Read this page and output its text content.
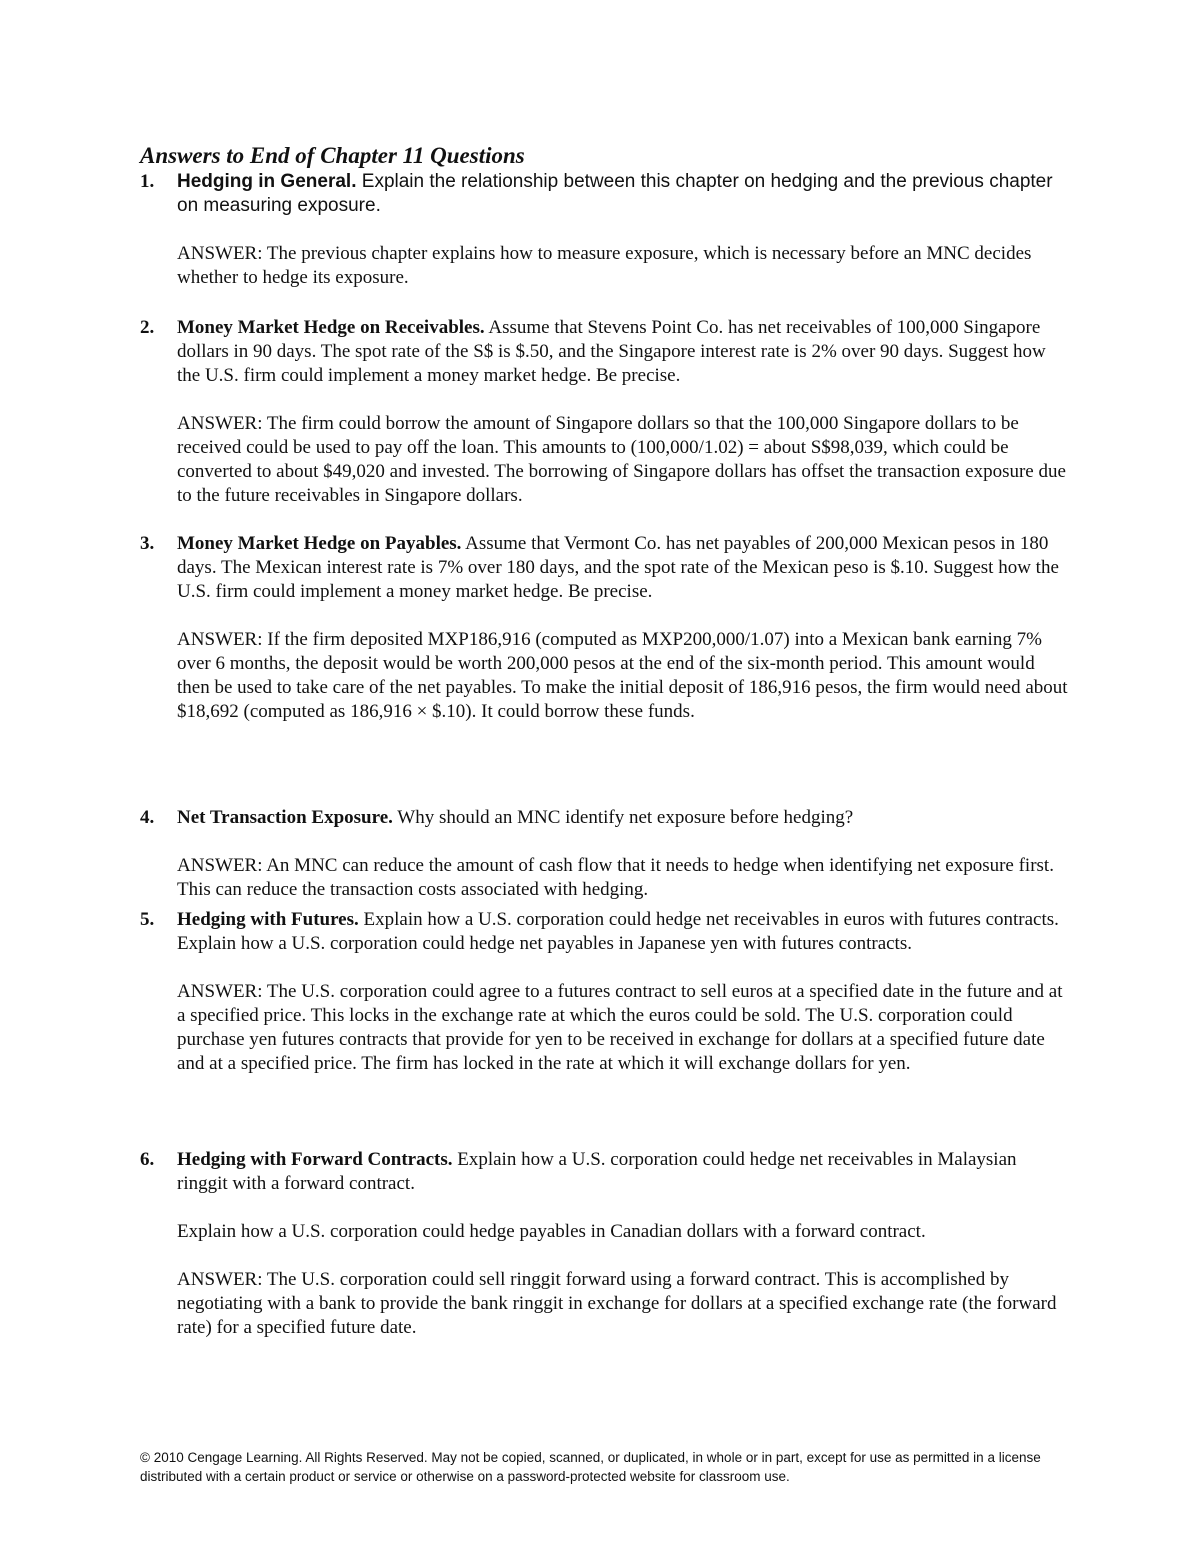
Answers to End of Chapter 11 Questions
1. Hedging in General. Explain the relationship between this chapter on hedging and the previous chapter on measuring exposure.

ANSWER: The previous chapter explains how to measure exposure, which is necessary before an MNC decides whether to hedge its exposure.

2. Money Market Hedge on Receivables. Assume that Stevens Point Co. has net receivables of 100,000 Singapore dollars in 90 days. The spot rate of the S$ is $.50, and the Singapore interest rate is 2% over 90 days. Suggest how the U.S. firm could implement a money market hedge. Be precise.

ANSWER: The firm could borrow the amount of Singapore dollars so that the 100,000 Singapore dollars to be received could be used to pay off the loan. This amounts to (100,000/1.02) = about S$98,039, which could be converted to about $49,020 and invested. The borrowing of Singapore dollars has offset the transaction exposure due to the future receivables in Singapore dollars.

3. Money Market Hedge on Payables. Assume that Vermont Co. has net payables of 200,000 Mexican pesos in 180 days. The Mexican interest rate is 7% over 180 days, and the spot rate of the Mexican peso is $.10. Suggest how the U.S. firm could implement a money market hedge. Be precise.

ANSWER: If the firm deposited MXP186,916 (computed as MXP200,000/1.07) into a Mexican bank earning 7% over 6 months, the deposit would be worth 200,000 pesos at the end of the six-month period. This amount would then be used to take care of the net payables. To make the initial deposit of 186,916 pesos, the firm would need about $18,692 (computed as 186,916 × $.10). It could borrow these funds.

4. Net Transaction Exposure. Why should an MNC identify net exposure before hedging?

ANSWER: An MNC can reduce the amount of cash flow that it needs to hedge when identifying net exposure first. This can reduce the transaction costs associated with hedging.

5. Hedging with Futures. Explain how a U.S. corporation could hedge net receivables in euros with futures contracts. Explain how a U.S. corporation could hedge net payables in Japanese yen with futures contracts.

ANSWER: The U.S. corporation could agree to a futures contract to sell euros at a specified date in the future and at a specified price. This locks in the exchange rate at which the euros could be sold. The U.S. corporation could purchase yen futures contracts that provide for yen to be received in exchange for dollars at a specified future date and at a specified price. The firm has locked in the rate at which it will exchange dollars for yen.

6. Hedging with Forward Contracts. Explain how a U.S. corporation could hedge net receivables in Malaysian ringgit with a forward contract.

Explain how a U.S. corporation could hedge payables in Canadian dollars with a forward contract.

ANSWER: The U.S. corporation could sell ringgit forward using a forward contract. This is accomplished by negotiating with a bank to provide the bank ringgit in exchange for dollars at a specified exchange rate (the forward rate) for a specified future date.

© 2010 Cengage Learning. All Rights Reserved. May not be copied, scanned, or duplicated, in whole or in part, except for use as permitted in a license distributed with a certain product or service or otherwise on a password-protected website for classroom use.
